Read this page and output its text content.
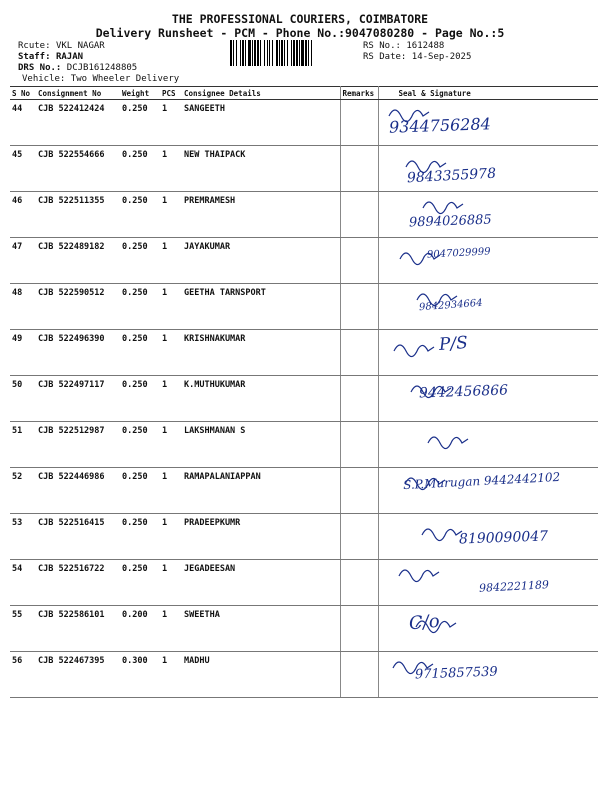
THE PROFESSIONAL COURIERS, COIMBATORE
Delivery Runsheet - PCM - Phone No.:9047080280 - Page No.:5
Rcute: VKL NAGAR
Staff: RAJAN
DRS No.: DCJB161248805
Vehicle: Two Wheeler Delivery
RS No.: 1612488
RS Date: 14-Sep-2025
S No	Consignment No	Weight	PCS	Consignee Details	Remarks	Seal & Signature
44	CJB 522412424	0.250	1	SANGEETH		9344756284

45	CJB 522554666	0.250	1	NEW THAIPACK		9843355978

46	CJB 522511355	0.250	1	PREMRAMESH		9894026885

47	CJB 522489182	0.250	1	JAYAKUMAR		9047029999

48	CJB 522590512	0.250	1	GEETHA TARNSPORT		9842934664

49	CJB 522496390	0.250	1	KRISHNAKUMAR		P/S

50	CJB 522497117	0.250	1	K.MUTHUKUMAR		9442456866

51	CJB 522512987	0.250	1	LAKSHMANAN S		

52	CJB 522446986	0.250	1	RAMAPALANIAPPAN		S.P.Murugan 9442442102

53	CJB 522516415	0.250	1	PRADEEPKUMR		8190090047

54	CJB 522516722	0.250	1	JEGADEESAN		9842221189

55	CJB 522586101	0.200	1	SWEETHA		C/o

56	CJB 522467395	0.300	1	MADHU		9715857539
